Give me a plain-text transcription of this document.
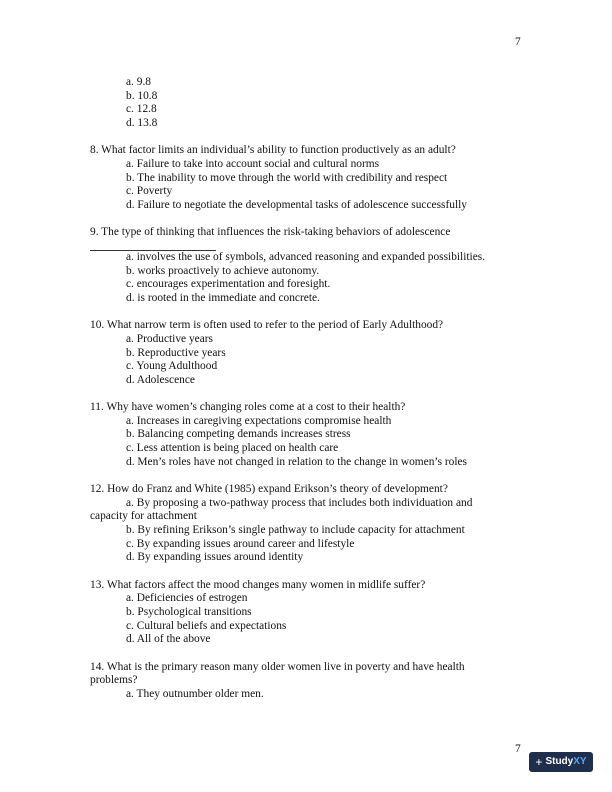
7

a. 9.8

b. 10.8

c. 12.8

d. 13.8

8. What factor limits an individual’s ability to function productively as an adult?

a. Failure to take into account social and cultural norms

b. The inability to move through the world with credibility and respect

c. Poverty

d. Failure to negotiate the developmental tasks of adolescence successfully

9. The type of thinking that influences the risk-taking behaviors of adolescence

a. involves the use of symbols, advanced reasoning and expanded possibilities.

b. works proactively to achieve autonomy.

c. encourages experimentation and foresight.

d. is rooted in the immediate and concrete.

10. What narrow term is often used to refer to the period of Early Adulthood?

a. Productive years

b. Reproductive years

c. Young Adulthood

d. Adolescence

11. Why have women’s changing roles come at a cost to their health?

a. Increases in caregiving expectations compromise health

b. Balancing competing demands increases stress

c. Less attention is being placed on health care

d. Men’s roles have not changed in relation to the change in women’s roles

12. How do Franz and White (1985) expand Erikson’s theory of development?

a. By proposing a two-pathway process that includes both individuation and

capacity for attachment

b. By refining Erikson’s single pathway to include capacity for attachment

c. By expanding issues around career and lifestyle

d. By expanding issues around identity

13. What factors affect the mood changes many women in midlife suffer?

a. Deficiencies of estrogen

b. Psychological transitions

c. Cultural beliefs and expectations

d. All of the above

14. What is the primary reason many older women live in poverty and have health

problems?

a. They outnumber older men.

7
+ StudyXY
